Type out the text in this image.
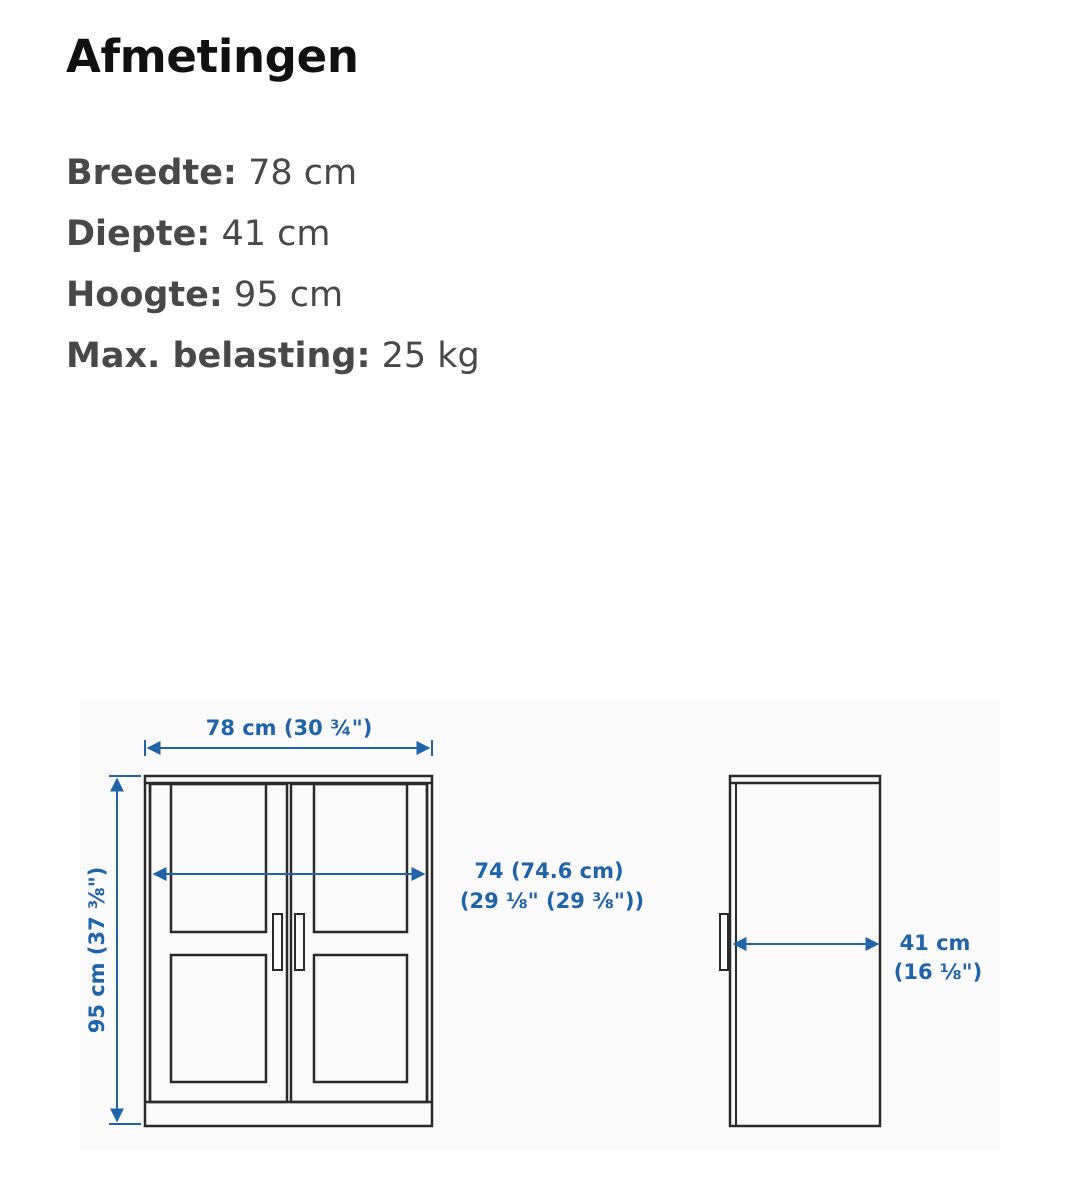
Afmetingen
Breedte: 78 cm
Diepte: 41 cm
Hoogte: 95 cm
Max. belasting: 25 kg
78 cm (30 ¾")
95 cm (37 ⅜")	74 (74.6 cm)
(29 ⅛" (29 ⅜"))
41 cm
(16 ⅛")
